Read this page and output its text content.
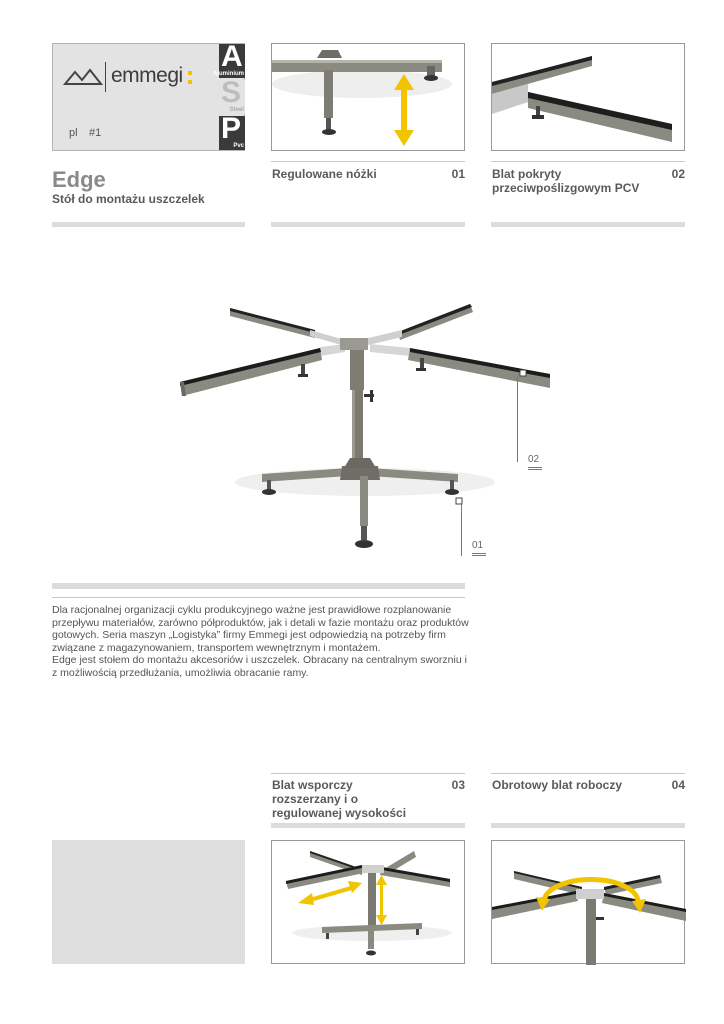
emmegi
pl #1
A
Aluminium
S
Steel
P
Pvc
Edge
Stół do montażu uszczelek
Regulowane nóżki	01 Blat pokryty przeciwpoślizgowym PCV
02
02
01

Dla racjonalnej organizacji cyklu produkcyjnego ważne jest prawidłowe rozplanowanie przepływu materiałów, zarówno półproduktów, jak i detali w fazie montażu oraz produktów gotowych. Seria maszyn „Logistyka” firmy Emmegi jest odpowiedzią na potrzeby firm związane z magazynowaniem, transportem wewnętrznym i montażem.

Edge jest stołem do montażu akcesoriów i uszczelek. Obracany na centralnym sworzniu i z możliwością przedłużania, umożliwia obracanie ramy.

Blat wsporczy rozszerzany i o regulowanej wysokości
03 Obrotowy blat roboczy	04
